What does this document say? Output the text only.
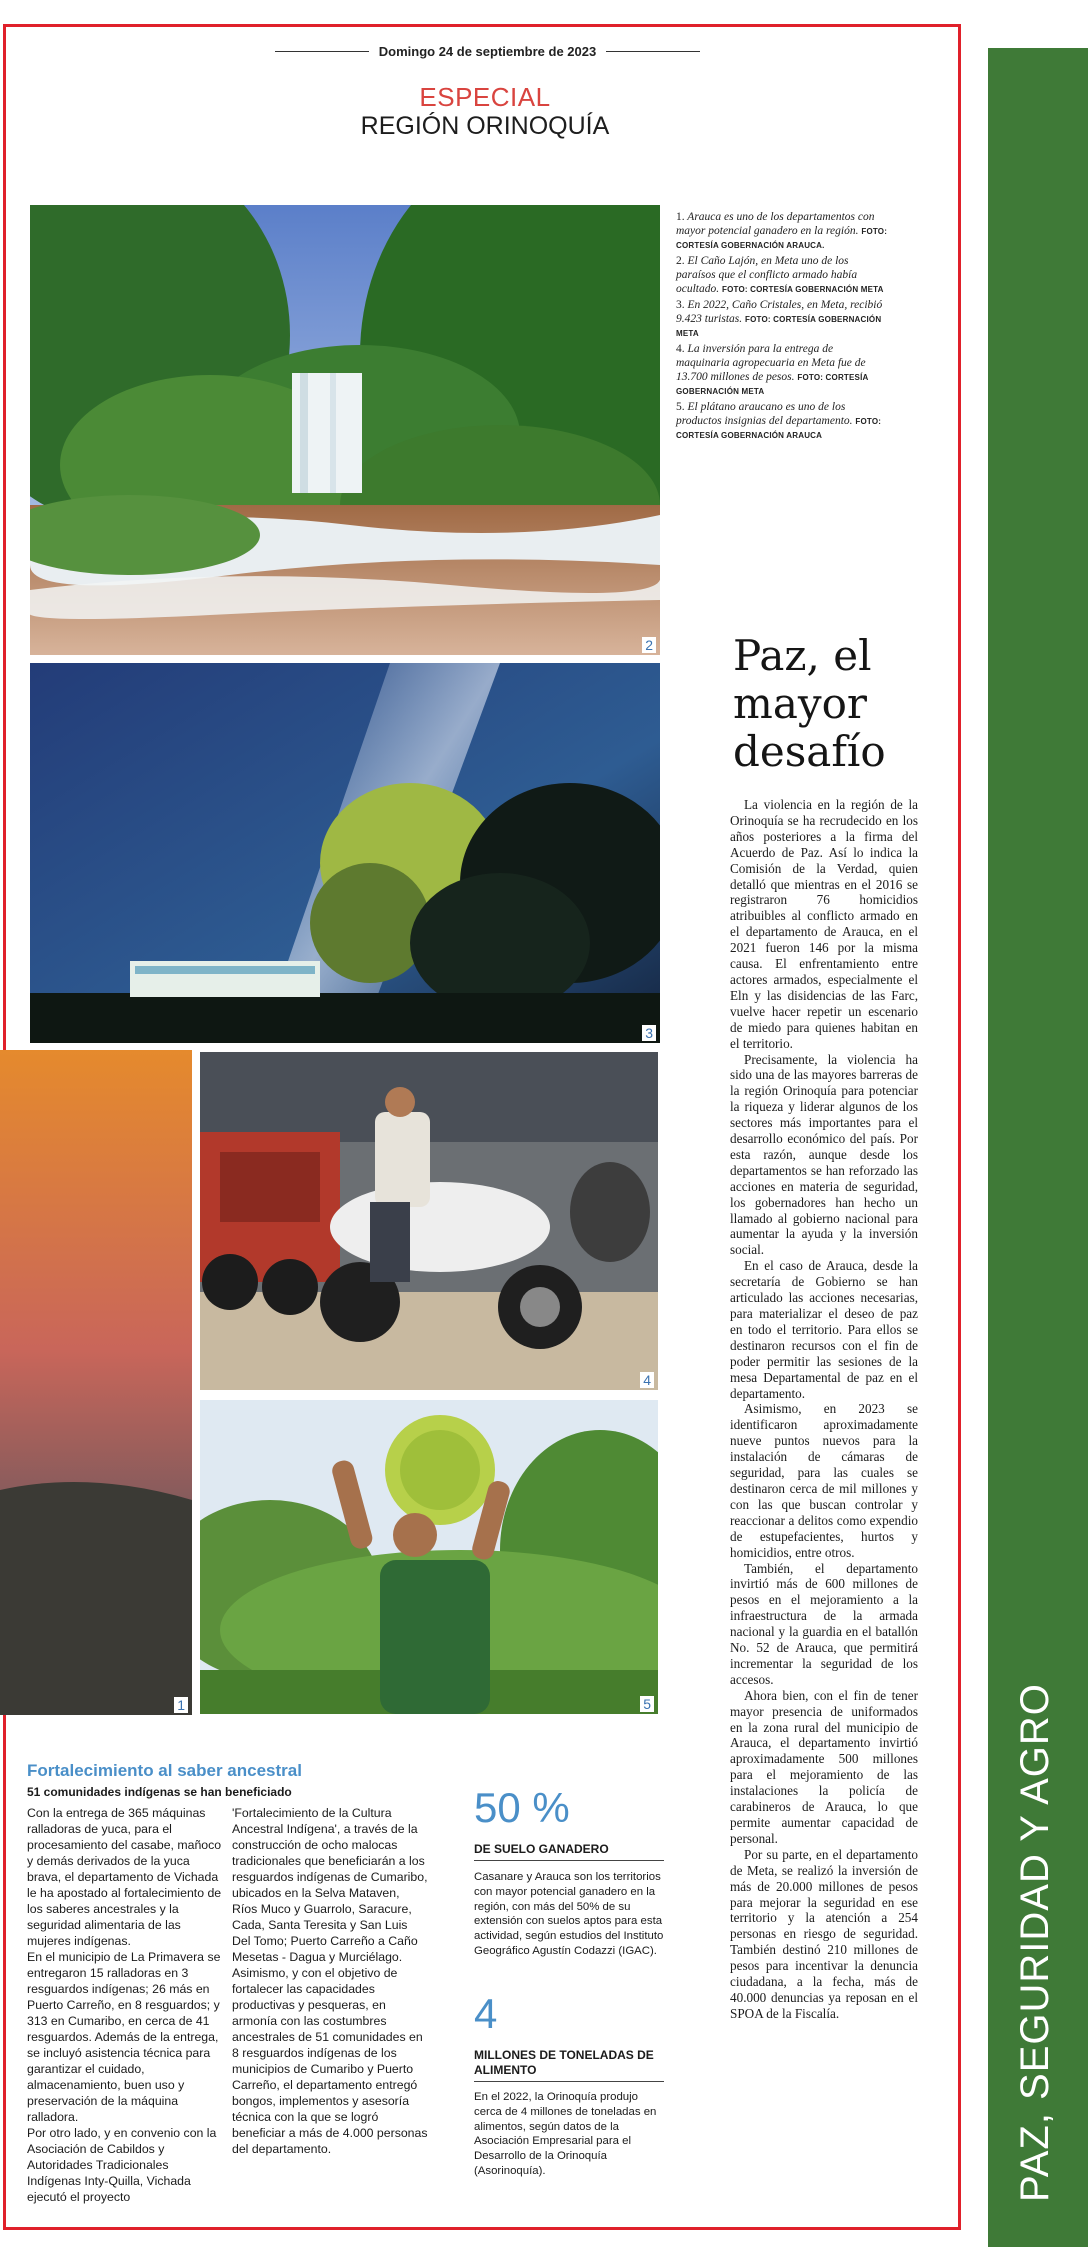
PAZ, SEGURIDAD Y AGRO
Domingo 24 de septiembre de 2023
ESPECIAL
REGIÓN ORINOQUÍA
2
3
1
4
5
1. Arauca es uno de los departamentos con mayor potencial ganadero en la región. FOTO: CORTESÍA GOBERNACIÓN ARAUCA.
2. El Caño Lajón, en Meta uno de los paraísos que el conflicto armado había ocultado. FOTO: CORTESÍA GOBERNACIÓN META
3. En 2022, Caño Cristales, en Meta, recibió 9.423 turistas. FOTO: CORTESÍA GOBERNACIÓN META
4. La inversión para la entrega de maquinaria agropecuaria en Meta fue de 13.700 millones de pesos. FOTO: CORTESÍA GOBERNACIÓN META
5. El plátano araucano es uno de los productos insignias del departamento. FOTO: CORTESÍA GOBERNACIÓN ARAUCA
Paz, el mayor desafío

La violencia en la región de la Orinoquía se ha recrudecido en los años posteriores a la firma del Acuerdo de Paz. Así lo indica la Comisión de la Verdad, quien detalló que mientras en el 2016 se registraron 76 homicidios atribuibles al conflicto armado en el departamento de Arauca, en el 2021 fueron 146 por la misma causa. El enfrentamiento entre actores armados, especialmente el Eln y las disidencias de las Farc, vuelve hacer repetir un escenario de miedo para quienes habitan en el territorio.

Precisamente, la violencia ha sido una de las mayores barreras de la región Orinoquía para potenciar la riqueza y liderar algunos de los sectores más importantes para el desarrollo económico del país. Por esta razón, aunque desde los departamentos se han reforzado las acciones en materia de seguridad, los gobernadores han hecho un llamado al gobierno nacional para aumentar la ayuda y la inversión social.

En el caso de Arauca, desde la secretaría de Gobierno se han articulado las acciones necesarias, para materializar el deseo de paz en todo el territorio. Para ellos se destinaron recursos con el fin de poder permitir las sesiones de la mesa Departamental de paz en el departamento.

Asimismo, en 2023 se identificaron aproximadamente nueve puntos nuevos para la instalación de cámaras de seguridad, para las cuales se destinaron cerca de mil millones y con las que buscan controlar y reaccionar a delitos como expendio de estupefacientes, hurtos y homicidios, entre otros.

También, el departamento invirtió más de 600 millones de pesos en el mejoramiento a la infraestructura de la armada nacional y la guardia en el batallón No. 52 de Arauca, que permitirá incrementar la seguridad de los accesos.

Ahora bien, con el fin de tener mayor presencia de uniformados en la zona rural del municipio de Arauca, el departamento invirtió aproximadamente 500 millones para el mejoramiento de las instalaciones la policía de carabineros de Arauca, lo que permite aumentar capacidad de personal.

Por su parte, en el departamento de Meta, se realizó la inversión de más de 20.000 millones de pesos para mejorar la seguridad en ese territorio y la atención a 254 personas en riesgo de seguridad. También destinó 210 millones de pesos para incentivar la denuncia ciudadana, a la fecha, más de 40.000 denuncias ya reposan en el SPOA de la Fiscalía.

Fortalecimiento al saber ancestral
51 comunidades indígenas se han beneficiado

Con la entrega de 365 máquinas ralladoras de yuca, para el procesamiento del casabe, mañoco y demás derivados de la yuca brava, el departamento de Vichada le ha apostado al fortalecimiento de los saberes ancestrales y la seguridad alimentaria de las mujeres indígenas.

En el municipio de La Primavera se entregaron 15 ralladoras en 3 resguardos indígenas; 26 más en Puerto Carreño, en 8 resguardos; y 313 en Cumaribo, en cerca de 41 resguardos. Además de la entrega, se incluyó asistencia técnica para garantizar el cuidado, almacenamiento, buen uso y preservación de la máquina ralladora.

Por otro lado, y en convenio con la Asociación de Cabildos y Autoridades Tradicionales Indígenas Inty-Quilla, Vichada ejecutó el proyecto

'Fortalecimiento de la Cultura Ancestral Indígena', a través de la construcción de ocho malocas tradicionales que beneficiarán a los resguardos indígenas de Cumaribo, ubicados en la Selva Mataven, Ríos Muco y Guarrolo, Saracure, Cada, Santa Teresita y San Luis Del Tomo; Puerto Carreño a Caño Mesetas - Dagua y Murciélago.

Asimismo, y con el objetivo de fortalecer las capacidades productivas y pesqueras, en armonía con las costumbres ancestrales de 51 comunidades en 8 resguardos indígenas de los municipios de Cumaribo y Puerto Carreño, el departamento entregó bongos, implementos y asesoría técnica con la que se logró beneficiar a más de 4.000 personas del departamento.

50 %
DE SUELO GANADERO
Casanare y Arauca son los territorios con mayor potencial ganadero en la región, con más del 50% de su extensión con suelos aptos para esta actividad, según estudios del Instituto Geográfico Agustín Codazzi (IGAC).
4
MILLONES DE TONELADAS DE ALIMENTO
En el 2022, la Orinoquía produjo cerca de 4 millones de toneladas en alimentos, según datos de la Asociación Empresarial para el Desarrollo de la Orinoquía (Asorinoquía).
